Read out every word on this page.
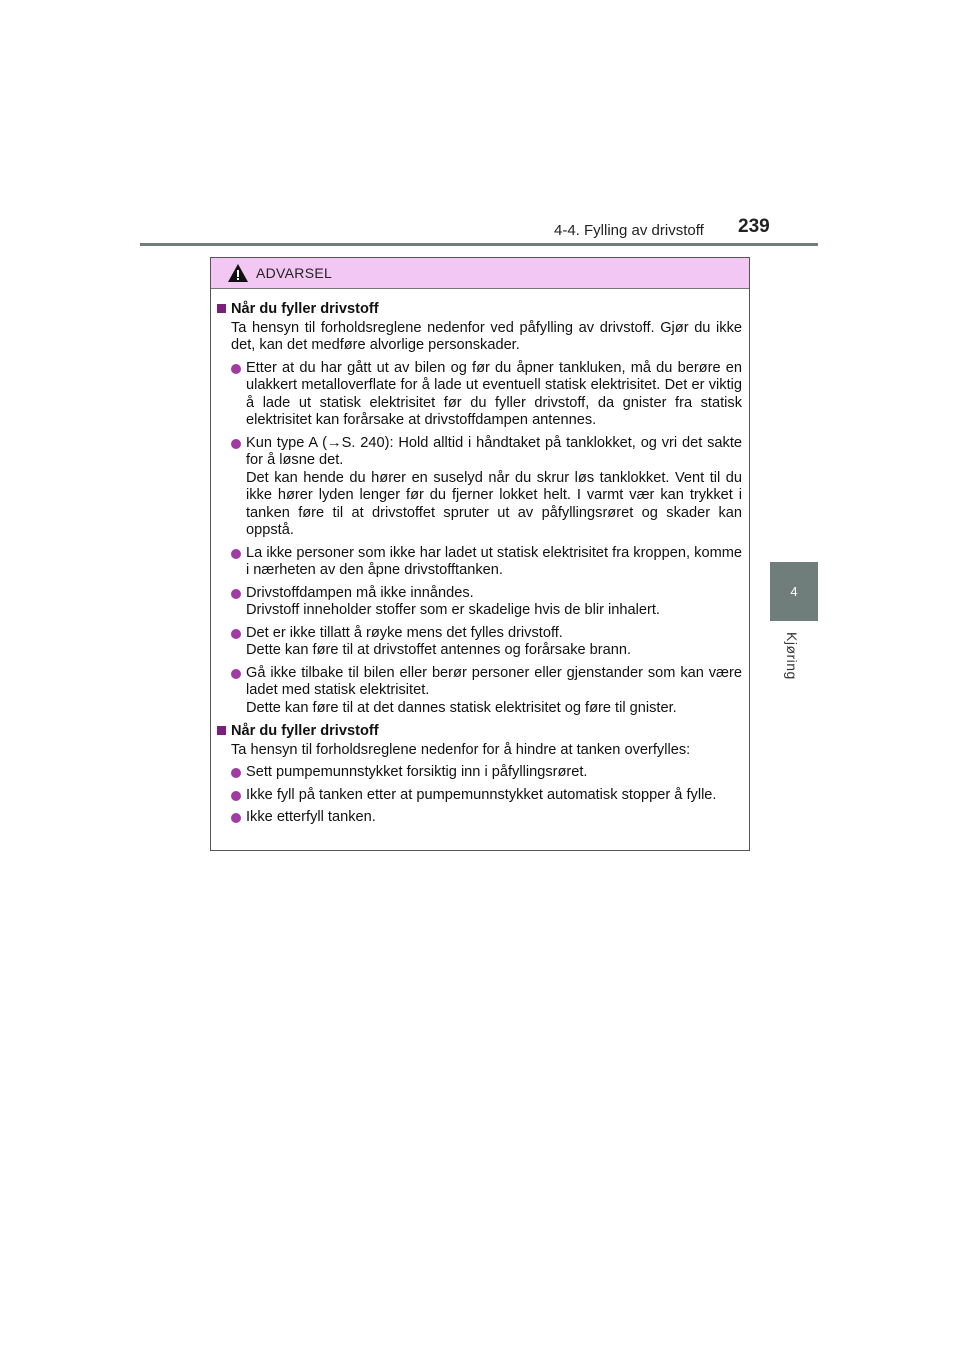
4-4. Fylling av drivstoff 239
4
Kjøring
ADVARSEL
Når du fyller drivstoff
Ta hensyn til forholdsreglene nedenfor ved påfylling av drivstoff. Gjør du ikke det, kan det medføre alvorlige personskader.
Etter at du har gått ut av bilen og før du åpner tankluken, må du berøre en ulakkert metalloverflate for å lade ut eventuell statisk elektrisitet. Det er viktig å lade ut statisk elektrisitet før du fyller drivstoff, da gnister fra statisk elektrisitet kan forårsake at drivstoffdampen antennes.
Kun type A (→S. 240): Hold alltid i håndtaket på tanklokket, og vri det sakte for å løsne det.
Det kan hende du hører en suselyd når du skrur løs tanklokket. Vent til du ikke hører lyden lenger før du fjerner lokket helt. I varmt vær kan trykket i tanken føre til at drivstoffet spruter ut av påfyllingsrøret og skader kan oppstå.
La ikke personer som ikke har ladet ut statisk elektrisitet fra kroppen, komme i nærheten av den åpne drivstofftanken.
Drivstoffdampen må ikke innåndes.
Drivstoff inneholder stoffer som er skadelige hvis de blir inhalert.
Det er ikke tillatt å røyke mens det fylles drivstoff.
Dette kan føre til at drivstoffet antennes og forårsake brann.
Gå ikke tilbake til bilen eller berør personer eller gjenstander som kan være ladet med statisk elektrisitet.
Dette kan føre til at det dannes statisk elektrisitet og føre til gnister.
Når du fyller drivstoff
Ta hensyn til forholdsreglene nedenfor for å hindre at tanken overfylles:
Sett pumpemunnstykket forsiktig inn i påfyllingsrøret.
Ikke fyll på tanken etter at pumpemunnstykket automatisk stopper å fylle.
Ikke etterfyll tanken.
